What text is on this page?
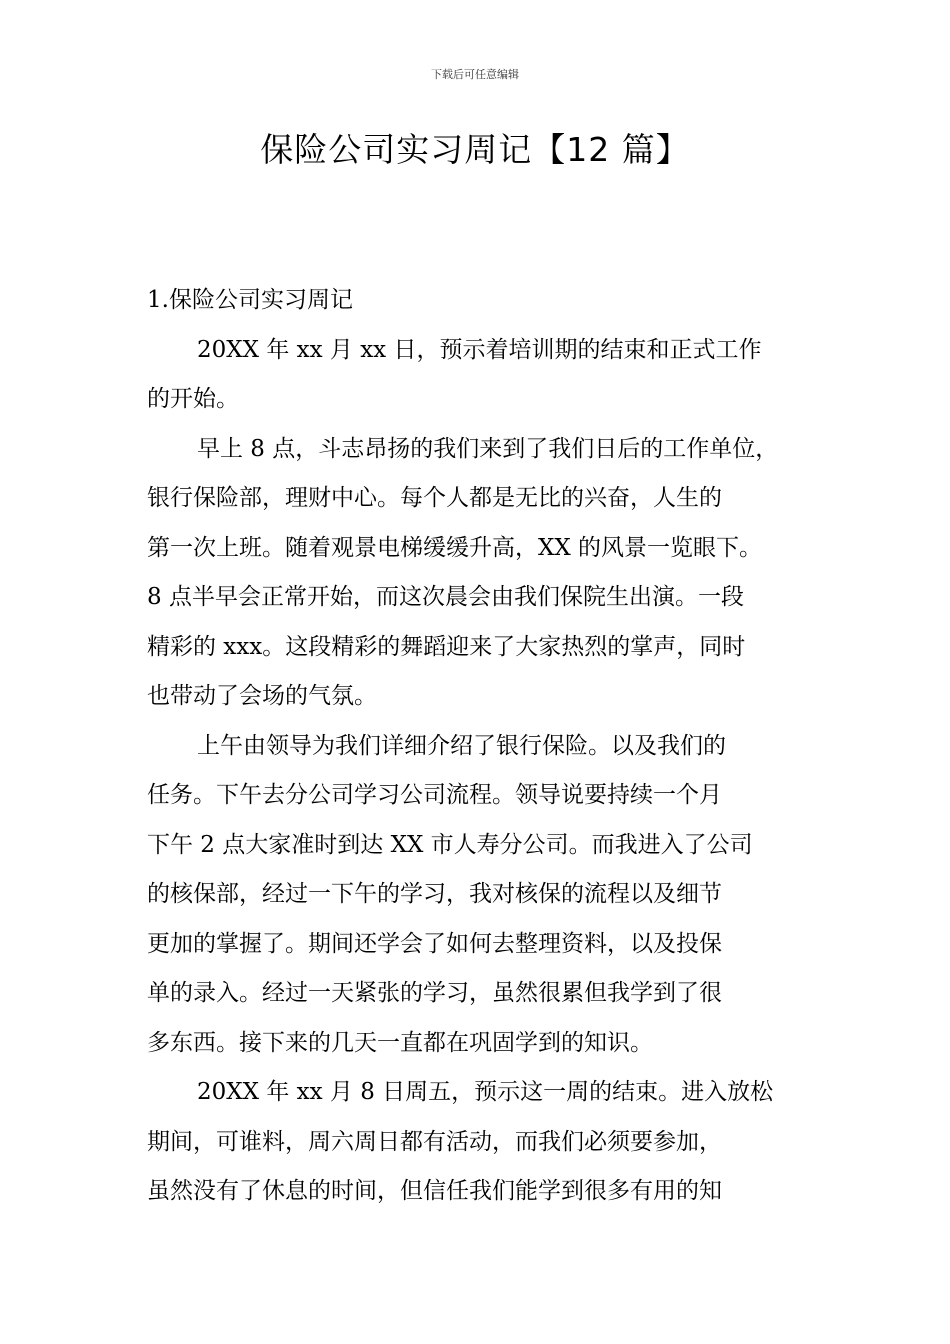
下载后可任意编辑
保险公司实习周记【12 篇】
1.保险公司实习周记
20XX 年 xx 月 xx 日，预示着培训期的结束和正式工作
的开始。
早上 8 点，斗志昂扬的我们来到了我们日后的工作单位，
银行保险部，理财中心。每个人都是无比的兴奋，人生的
第一次上班。随着观景电梯缓缓升高，XX 的风景一览眼下。
8 点半早会正常开始，而这次晨会由我们保院生出演。一段
精彩的 xxx。这段精彩的舞蹈迎来了大家热烈的掌声，同时
也带动了会场的气氛。
上午由领导为我们详细介绍了银行保险。以及我们的
任务。下午去分公司学习公司流程。领导说要持续一个月
下午 2 点大家准时到达 XX 市人寿分公司。而我进入了公司
的核保部，经过一下午的学习，我对核保的流程以及细节
更加的掌握了。期间还学会了如何去整理资料，以及投保
单的录入。经过一天紧张的学习，虽然很累但我学到了很
多东西。接下来的几天一直都在巩固学到的知识。
20XX 年 xx 月 8 日周五，预示这一周的结束。进入放松
期间，可谁料，周六周日都有活动，而我们必须要参加，
虽然没有了休息的时间，但信任我们能学到很多有用的知
